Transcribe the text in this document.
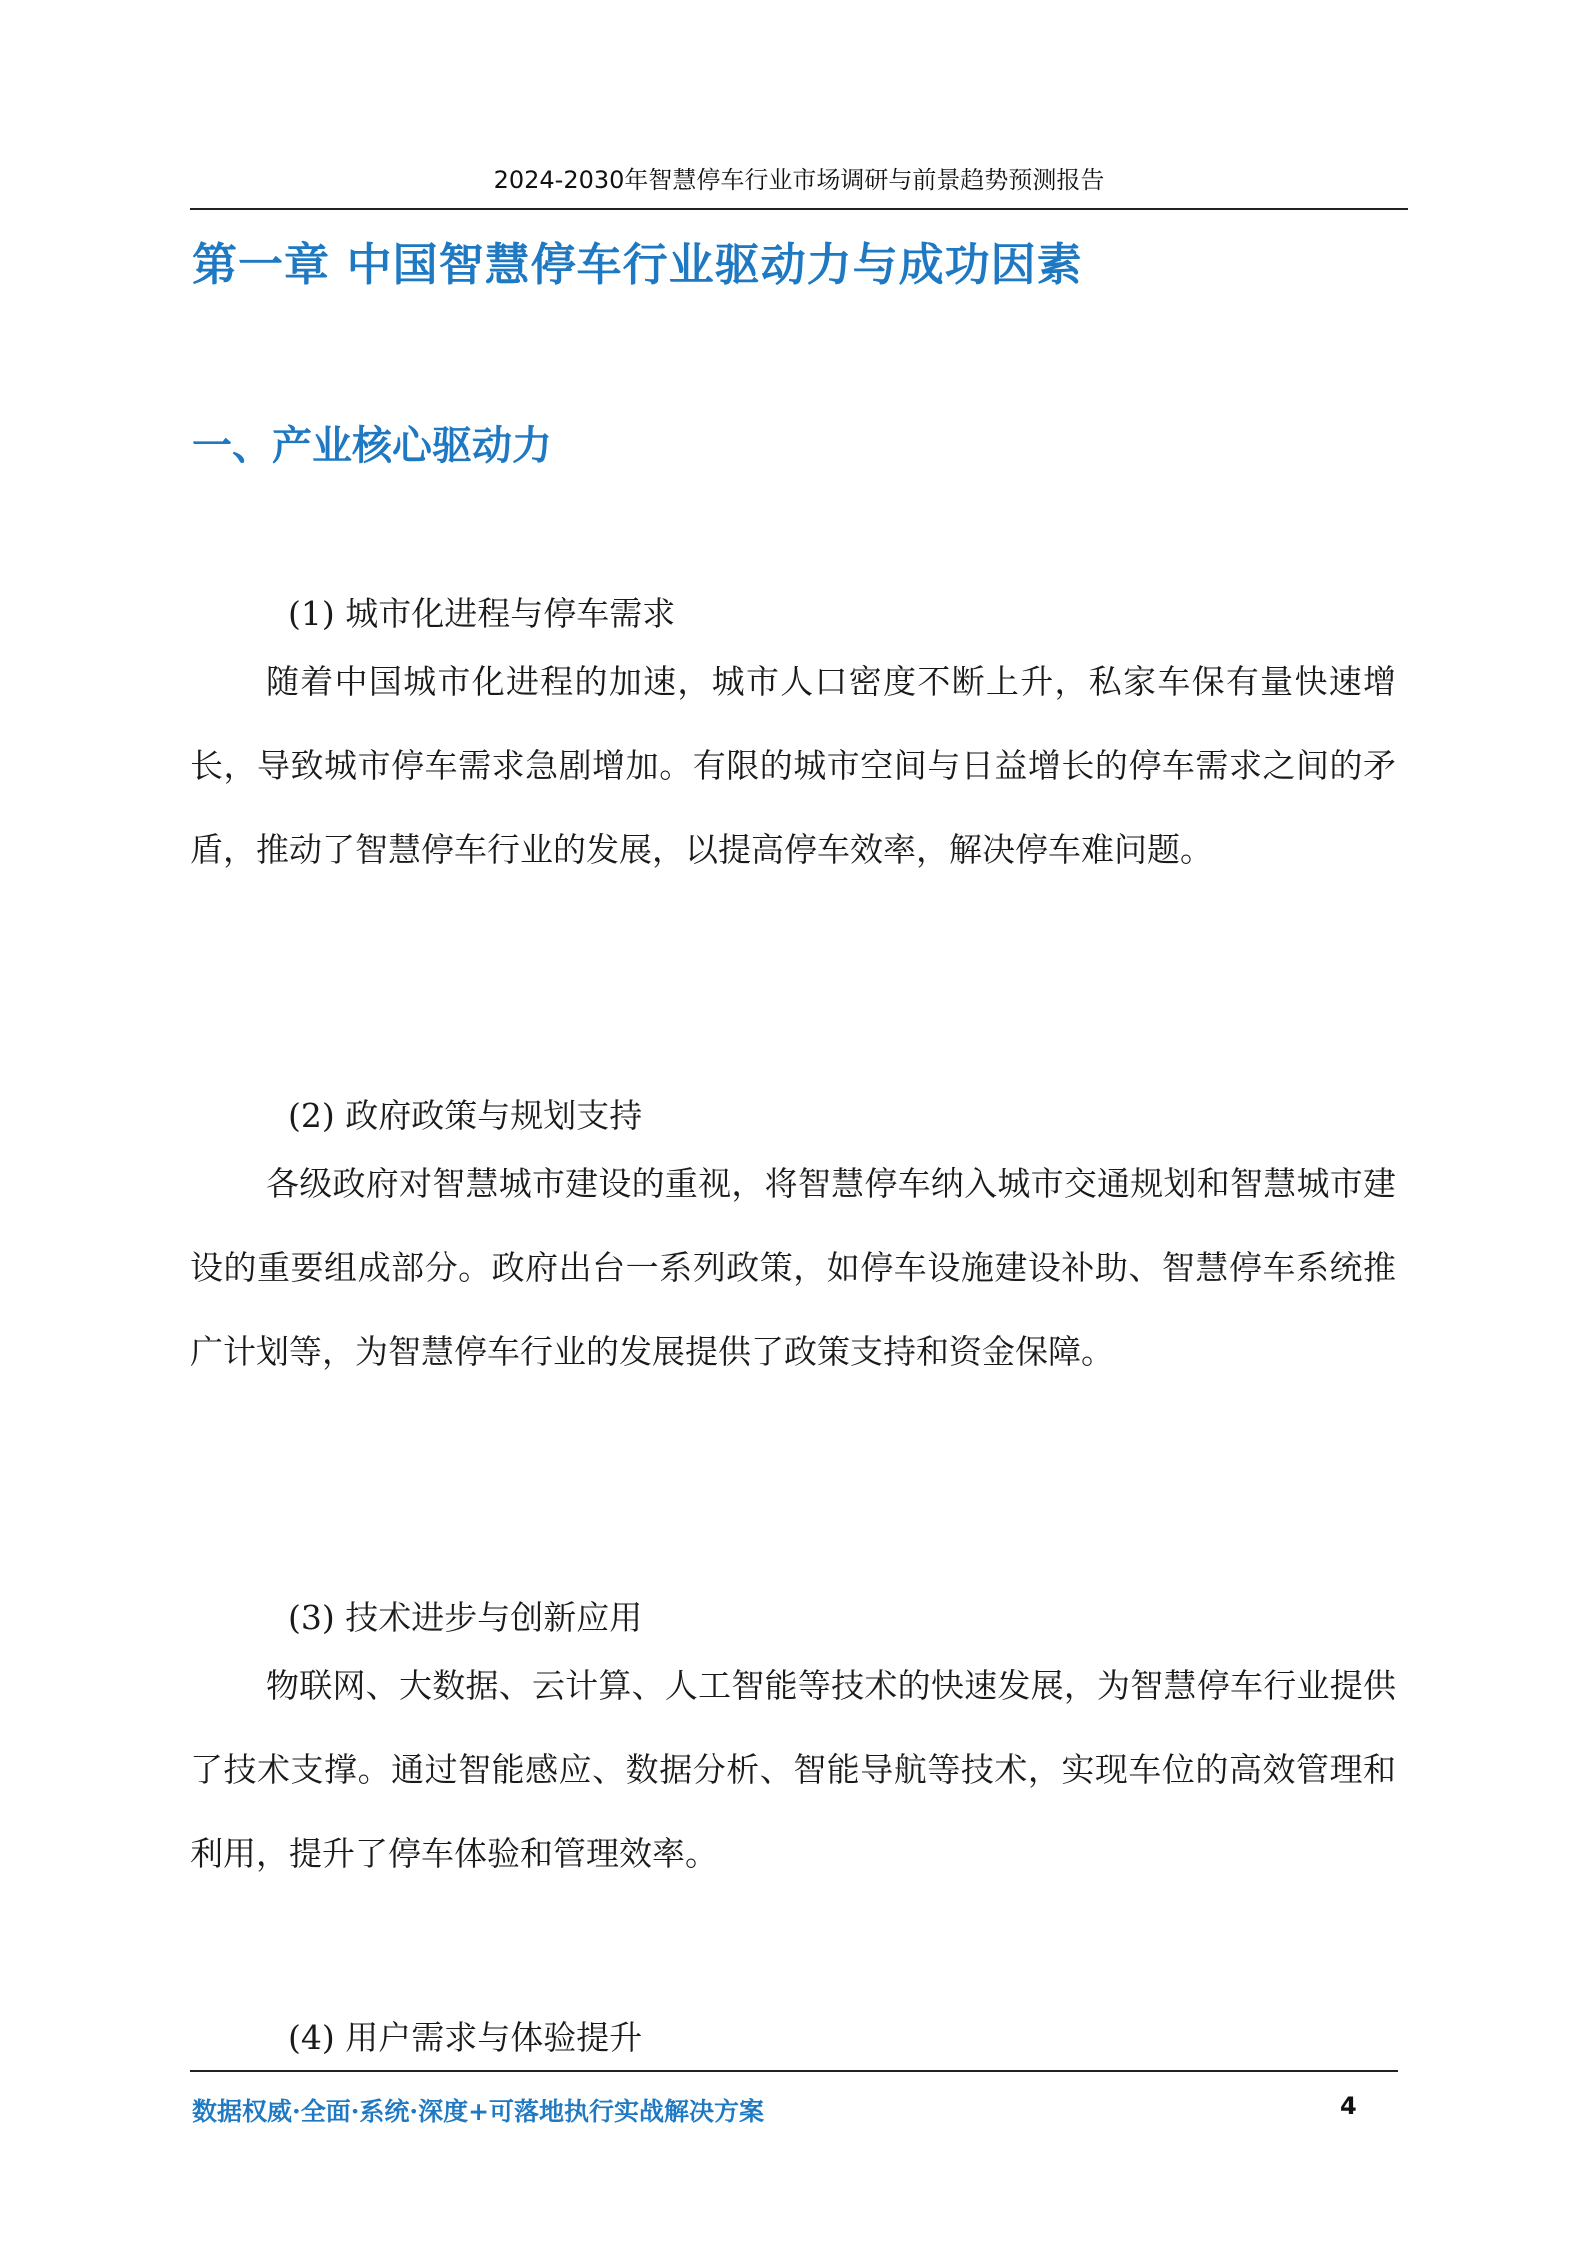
2024-2030年智慧停车行业市场调研与前景趋势预测报告
第一章 中国智慧停车行业驱动力与成功因素
一、产业核心驱动力
(1) 城市化进程与停车需求

随着中国城市化进程的加速，城市人口密度不断上升，私家车保有量快速增长，导致城市停车需求急剧增加。有限的城市空间与日益增长的停车需求之间的矛盾，推动了智慧停车行业的发展，以提高停车效率，解决停车难问题。

(2) 政府政策与规划支持

各级政府对智慧城市建设的重视，将智慧停车纳入城市交通规划和智慧城市建设的重要组成部分。政府出台一系列政策，如停车设施建设补助、智慧停车系统推广计划等，为智慧停车行业的发展提供了政策支持和资金保障。

(3) 技术进步与创新应用

物联网、大数据、云计算、人工智能等技术的快速发展，为智慧停车行业提供了技术支撑。通过智能感应、数据分析、智能导航等技术，实现车位的高效管理和利用，提升了停车体验和管理效率。

(4) 用户需求与体验提升
数据权威·全面·系统·深度+可落地执行实战解决方案	4
